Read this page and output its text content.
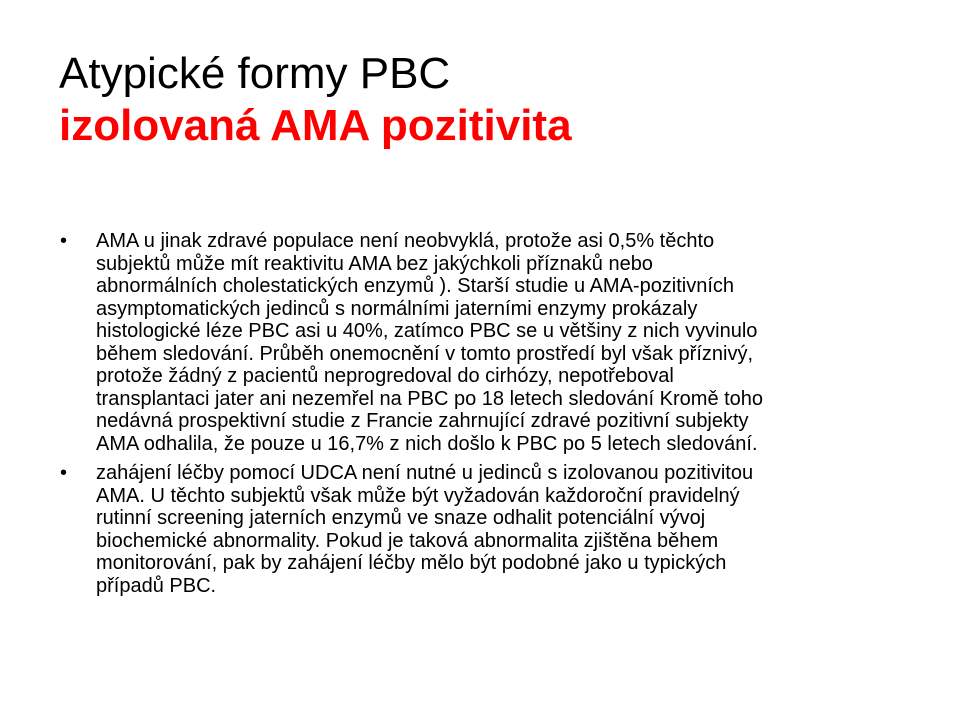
Atypické formy PBC
izolovaná AMA pozitivita
• AMA u jinak zdravé populace není neobvyklá, protože asi 0,5% těchto
subjektů může mít reaktivitu AMA bez jakýchkoli příznaků nebo
abnormálních cholestatických enzymů ). Starší studie u AMA-pozitivních
asymptomatických jedinců s normálními jaterními enzymy prokázaly
histologické léze PBC asi u 40%, zatímco PBC se u většiny z nich vyvinulo
během sledování. Průběh onemocnění v tomto prostředí byl však příznivý,
protože žádný z pacientů neprogredoval do cirhózy, nepotřeboval
transplantaci jater ani nezemřel na PBC po 18 letech sledování Kromě toho
nedávná prospektivní studie z Francie zahrnující zdravé pozitivní subjekty
AMA odhalila, že pouze u 16,7% z nich došlo k PBC po 5 letech sledování.
• zahájení léčby pomocí UDCA není nutné u jedinců s izolovanou pozitivitou
AMA. U těchto subjektů však může být vyžadován každoroční pravidelný
rutinní screening jaterních enzymů ve snaze odhalit potenciální vývoj
biochemické abnormality. Pokud je taková abnormalita zjištěna během
monitorování, pak by zahájení léčby mělo být podobné jako u typických
případů PBC.
